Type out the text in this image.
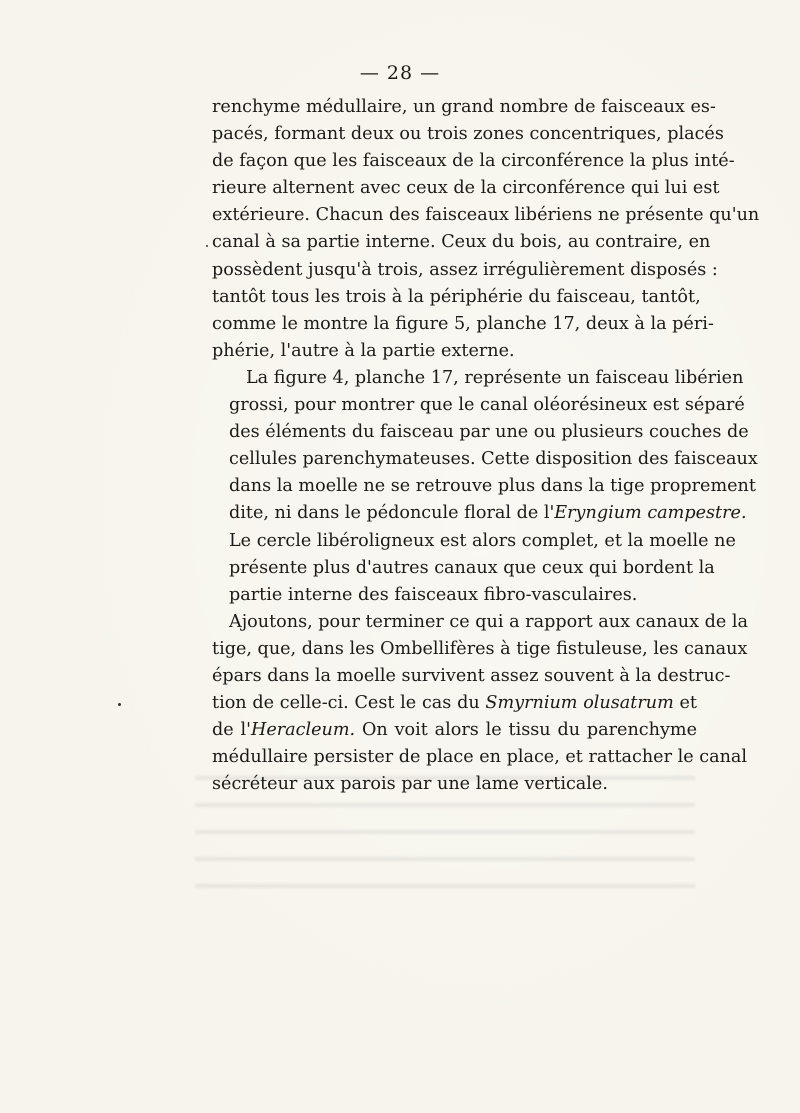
— 28 —

renchyme médullaire, un grand nombre de faisceaux es-
pacés, formant deux ou trois zones concentriques, placés
de façon que les faisceaux de la circonférence la plus inté-
rieure alternent avec ceux de la circonférence qui lui est
extérieure. Chacun des faisceaux libériens ne présente qu'un
canal à sa partie interne. Ceux du bois, au contraire, en
possèdent jusqu'à trois, assez irrégulièrement disposés :
tantôt tous les trois à la périphérie du faisceau, tantôt,
comme le montre la figure 5, planche 17, deux à la péri-
phérie, l'autre à la partie externe.

La figure 4, planche 17, représente un faisceau libérien
grossi, pour montrer que le canal oléorésineux est séparé
des éléments du faisceau par une ou plusieurs couches de
cellules parenchymateuses. Cette disposition des faisceaux
dans la moelle ne se retrouve plus dans la tige proprement
dite, ni dans le pédoncule floral de l'Eryngium campestre.
Le cercle libéroligneux est alors complet, et la moelle ne
présente plus d'autres canaux que ceux qui bordent la
partie interne des faisceaux fibro-vasculaires.

Ajoutons, pour terminer ce qui a rapport aux canaux de la
tige, que, dans les Ombellifères à tige fistuleuse, les canaux
épars dans la moelle survivent assez souvent à la destruc-
tion de celle-ci. Cest le cas du Smyrnium olusatrum et
de l'Heracleum. On voit alors le tissu du parenchyme
médullaire persister de place en place, et rattacher le canal
sécréteur aux parois par une lame verticale.
